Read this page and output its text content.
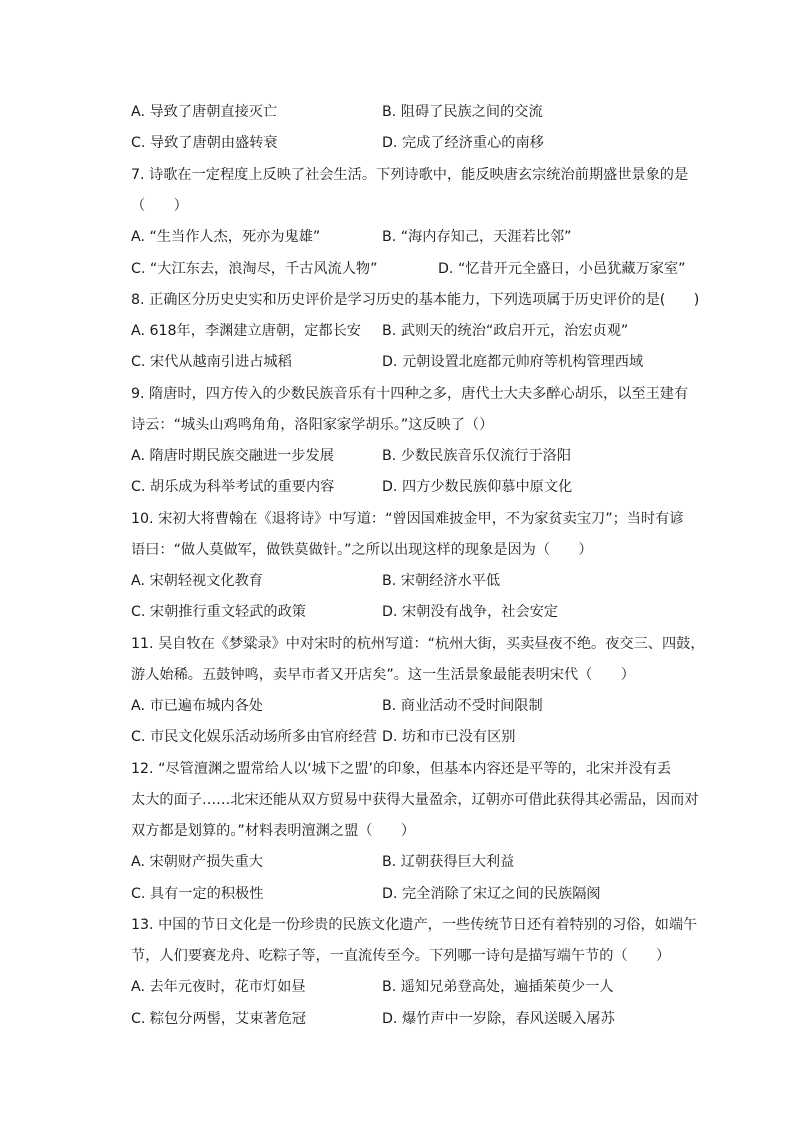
A. 导致了唐朝直接灭亡	B. 阻碍了民族之间的交流
C. 导致了唐朝由盛转衰	D. 完成了经济重心的南移
7. 诗歌在一定程度上反映了社会生活。下列诗歌中，能反映唐玄宗统治前期盛世景象的是
（　　）
A. “生当作人杰，死亦为鬼雄”	B. “海内存知己，天涯若比邻”
C. “大江东去，浪淘尽，千古风流人物”	D. “忆昔开元全盛日，小邑犹藏万家室”
8. 正确区分历史史实和历史评价是学习历史的基本能力，下列选项属于历史评价的是(　　)
A. 618年，李渊建立唐朝，定都长安 B. 武则天的统治“政启开元，治宏贞观”
C. 宋代从越南引进占城稻	D. 元朝设置北庭都元帅府等机构管理西域
9. 隋唐时，四方传入的少数民族音乐有十四种之多，唐代士大夫多醉心胡乐，以至王建有
诗云：“城头山鸡鸣角角，洛阳家家学胡乐。”这反映了（）
A. 隋唐时期民族交融进一步发展	B. 少数民族音乐仅流行于洛阳
C. 胡乐成为科举考试的重要内容	D. 四方少数民族仰慕中原文化
10. 宋初大将曹翰在《退将诗》中写道：“曾因国难披金甲，不为家贫卖宝刀”；当时有谚
语曰：“做人莫做军，做铁莫做针。”之所以出现这样的现象是因为（　　）
A. 宋朝轻视文化教育	B. 宋朝经济水平低
C. 宋朝推行重文轻武的政策	D. 宋朝没有战争，社会安定
11. 吴自牧在《梦粱录》中对宋时的杭州写道：“杭州大街，买卖昼夜不绝。夜交三、四鼓，
游人始稀。五鼓钟鸣，卖早市者又开店矣”。这一生活景象最能表明宋代（　　）
A. 市已遍布城内各处	B. 商业活动不受时间限制
C. 市民文化娱乐活动场所多由官府经营 D. 坊和市已没有区别
12. “尽管澶渊之盟常给人以‘城下之盟’的印象，但基本内容还是平等的，北宋并没有丢
太大的面子……北宋还能从双方贸易中获得大量盈余，辽朝亦可借此获得其必需品，因而对
双方都是划算的。”材料表明澶渊之盟（　　）
A. 宋朝财产损失重大	B. 辽朝获得巨大利益
C. 具有一定的积极性	D. 完全消除了宋辽之间的民族隔阂
13. 中国的节日文化是一份珍贵的民族文化遗产，一些传统节日还有着特别的习俗，如端午
节，人们要赛龙舟、吃粽子等，一直流传至今。下列哪一诗句是描写端午节的（　　）
A. 去年元夜时，花市灯如昼	B. 遥知兄弟登高处，遍插茱萸少一人
C. 粽包分两髻，艾束著危冠	D. 爆竹声中一岁除，春风送暖入屠苏
